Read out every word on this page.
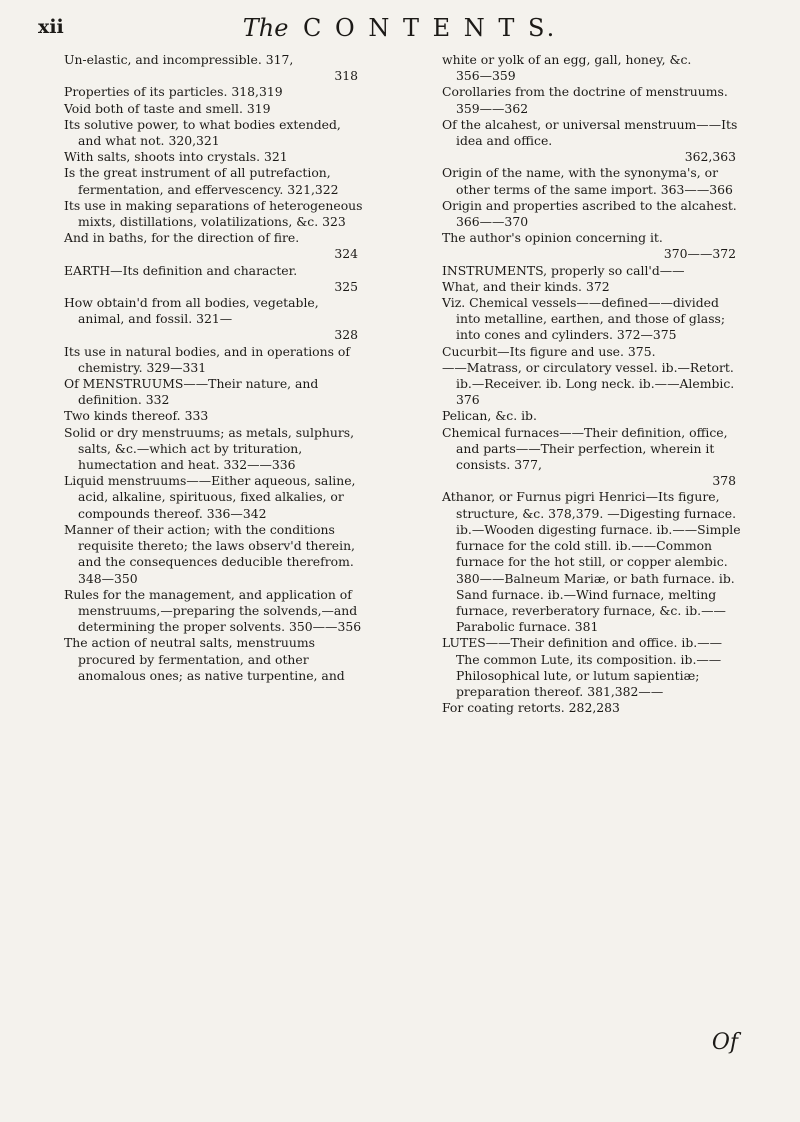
xii	The C O N T E N T S.

Un-elastic, and incompressible. 317,

318

Properties of its particles. 318,319

Void both of taste and smell. 319

Its solutive power, to what bodies extended, and what not. 320,321

With salts, shoots into crystals. 321

Is the great instrument of all putrefaction, fermentation, and effervescency. 321,322

Its use in making separations of heterogeneous mixts, distillations, volatilizations, &c. 323

And in baths, for the direction of fire.

324

EARTH—Its definition and character.

325

How obtain'd from all bodies, vegetable, animal, and fossil. 321—

328

Its use in natural bodies, and in operations of chemistry. 329—331

Of MENSTRUUMS——Their nature, and definition. 332

Two kinds thereof. 333

Solid or dry menstruums; as metals, sulphurs, salts, &c.—which act by trituration, humectation and heat. 332——336

Liquid menstruums——Either aqueous, saline, acid, alkaline, spirituous, fixed alkalies, or compounds thereof. 336—342

Manner of their action; with the conditions requisite thereto; the laws observ'd therein, and the consequences deducible therefrom. 348—350

Rules for the management, and application of menstruums,—preparing the solvends,—and determining the proper solvents. 350——356

The action of neutral salts, menstruums procured by fermentation, and other anomalous ones; as native turpentine, and

white or yolk of an egg, gall, honey, &c. 356—359

Corollaries from the doctrine of menstruums. 359——362

Of the alcahest, or universal menstruum——Its idea and office.

362,363

Origin of the name, with the synonyma's, or other terms of the same import. 363——366

Origin and properties ascribed to the alcahest. 366——370

The author's opinion concerning it.

370——372

INSTRUMENTS, properly so call'd——

What, and their kinds. 372

Viz. Chemical vessels——defined——divided into metalline, earthen, and those of glass; into cones and cylinders. 372—375

Cucurbit—Its figure and use. 375.

——Matrass, or circulatory vessel. ib.—Retort. ib.—Receiver. ib. Long neck. ib.——Alembic. 376

Pelican, &c. ib.

Chemical furnaces——Their definition, office, and parts——Their perfection, wherein it consists. 377,

378

Athanor, or Furnus pigri Henrici—Its figure, structure, &c. 378,379. —Digesting furnace. ib.—Wooden digesting furnace. ib.——Simple furnace for the cold still. ib.——Common furnace for the hot still, or copper alembic. 380——Balneum Mariæ, or bath furnace. ib. Sand furnace. ib.—Wind furnace, melting furnace, reverberatory furnace, &c. ib.——Parabolic furnace. 381

LUTES——Their definition and office. ib.——The common Lute, its composition. ib.——Philosophical lute, or lutum sapientiæ; preparation thereof. 381,382——

For coating retorts. 282,283

Of
